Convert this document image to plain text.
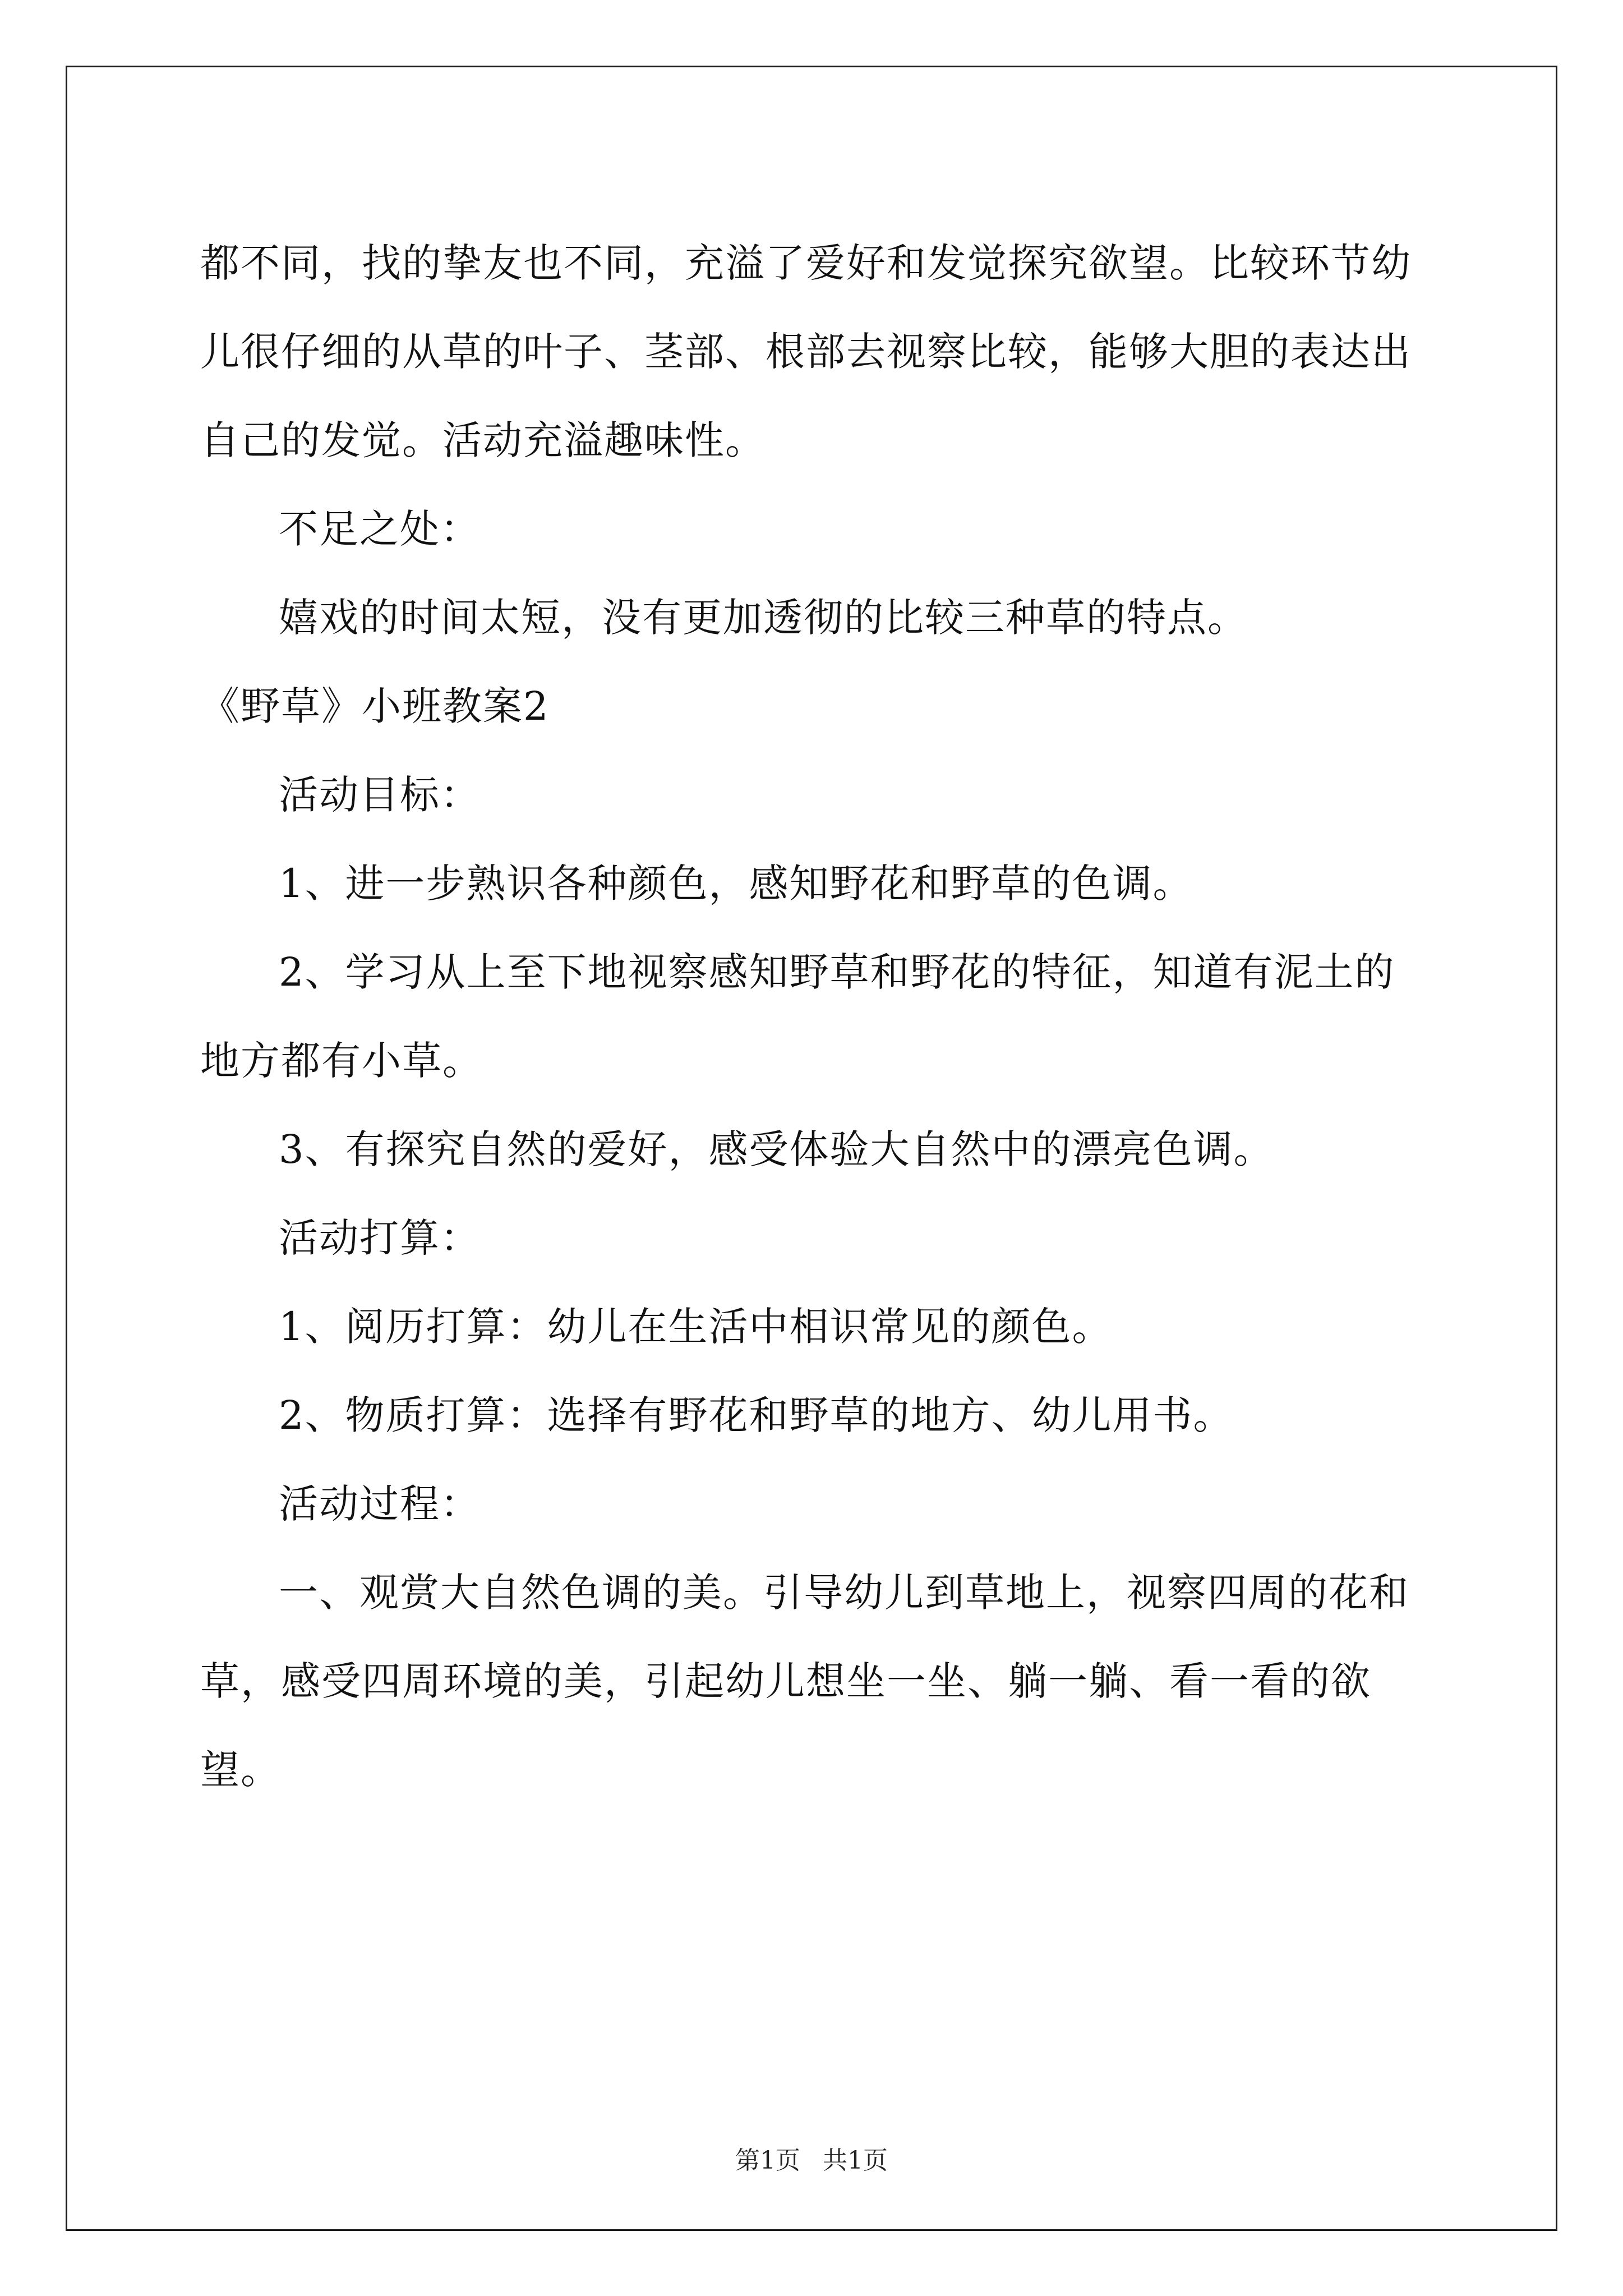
都不同，找的挚友也不同，充溢了爱好和发觉探究欲望。比较环节幼儿很仔细的从草的叶子、茎部、根部去视察比较，能够大胆的表达出自己的发觉。活动充溢趣味性。

不足之处：

嬉戏的时间太短，没有更加透彻的比较三种草的特点。

《野草》小班教案2

活动目标：

1、进一步熟识各种颜色，感知野花和野草的色调。

2、学习从上至下地视察感知野草和野花的特征，知道有泥土的地方都有小草。

3、有探究自然的爱好，感受体验大自然中的漂亮色调。

活动打算：

1、阅历打算：幼儿在生活中相识常见的颜色。

2、物质打算：选择有野花和野草的地方、幼儿用书。

活动过程：

一、观赏大自然色调的美。引导幼儿到草地上，视察四周的花和草，感受四周环境的美，引起幼儿想坐一坐、躺一躺、看一看的欲望。

第1页 共1页
